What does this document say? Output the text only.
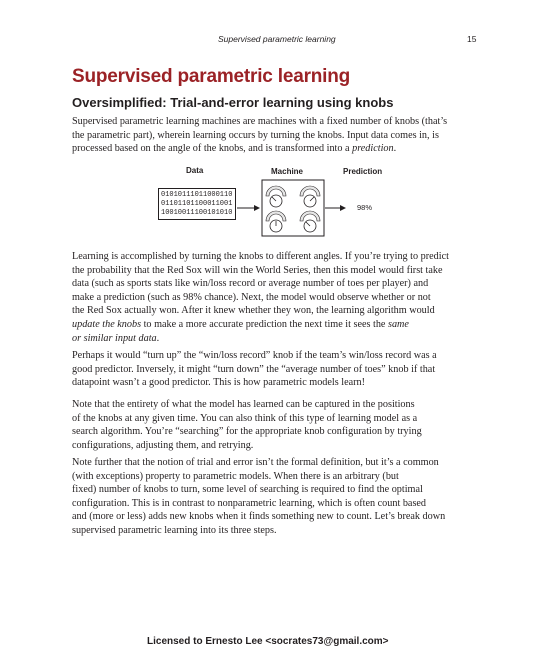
Supervised parametric learning	15
Supervised parametric learning
Oversimplified: Trial-and-error learning using knobs

Supervised parametric learning machines are machines with a fixed number of knobs (that’s
the parametric part), wherein learning occurs by turning the knobs. Input data comes in, is
processed based on the angle of the knobs, and is transformed into a prediction.

Data	Machine	Prediction
01010111011000110
01101101100011001
10010011100101010
98%

Learning is accomplished by turning the knobs to different angles. If you’re trying to predict
the probability that the Red Sox will win the World Series, then this model would first take
data (such as sports stats like win/loss record or average number of toes per player) and
make a prediction (such as 98% chance). Next, the model would observe whether or not
the Red Sox actually won. After it knew whether they won, the learning algorithm would
update the knobs to make a more accurate prediction the next time it sees the same
or similar input data.

Perhaps it would “turn up” the “win/loss record” knob if the team’s win/loss record was a
good predictor. Inversely, it might “turn down” the “average number of toes” knob if that
datapoint wasn’t a good predictor. This is how parametric models learn!

Note that the entirety of what the model has learned can be captured in the positions
of the knobs at any given time. You can also think of this type of learning model as a
search algorithm. You’re “searching” for the appropriate knob configuration by trying
configurations, adjusting them, and retrying.

Note further that the notion of trial and error isn’t the formal definition, but it’s a common
(with exceptions) property to parametric models. When there is an arbitrary (but
fixed) number of knobs to turn, some level of searching is required to find the optimal
configuration. This is in contrast to nonparametric learning, which is often count based
and (more or less) adds new knobs when it finds something new to count. Let’s break down
supervised parametric learning into its three steps.

Licensed to Ernesto Lee <socrates73@gmail.com>
